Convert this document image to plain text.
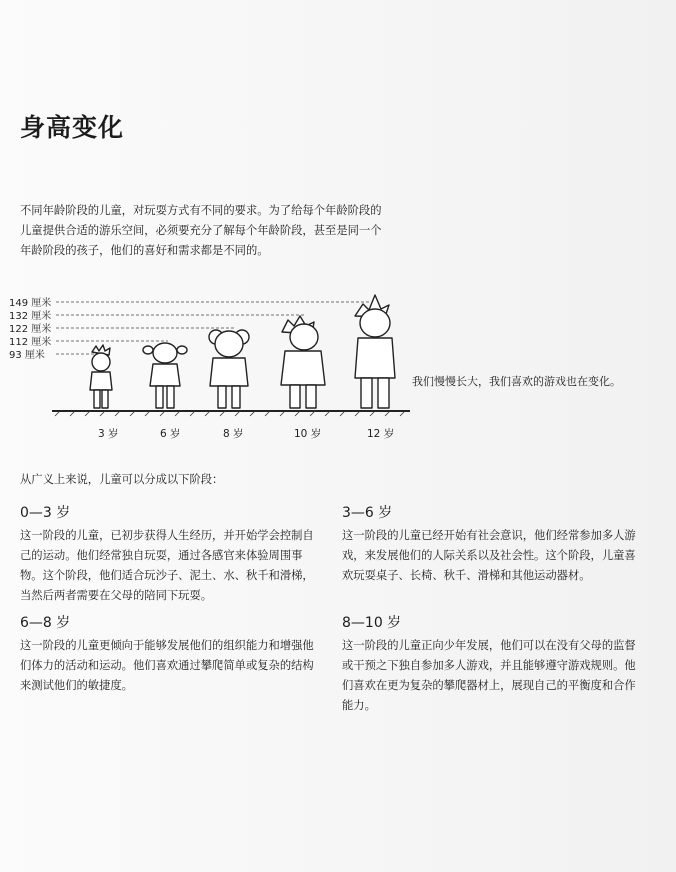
身高变化
不同年龄阶段的儿童，对玩耍方式有不同的要求。为了给每个年龄阶段的儿童提供合适的游乐空间，必须要充分了解每个年龄阶段，甚至是同一个年龄阶段的孩子，他们的喜好和需求都是不同的。
149 厘米
132 厘米
122 厘米
112 厘米
93 厘米
3 岁	6 岁	8 岁	10 岁	12 岁
我们慢慢长大，我们喜欢的游戏也在变化。
从广义上来说，儿童可以分成以下阶段：
0—3 岁

这一阶段的儿童，已初步获得人生经历，并开始学会控制自己的运动。他们经常独自玩耍，通过各感官来体验周围事物。这个阶段，他们适合玩沙子、泥土、水、秋千和滑梯，当然后两者需要在父母的陪同下玩耍。

3—6 岁

这一阶段的儿童已经开始有社会意识，他们经常参加多人游戏，来发展他们的人际关系以及社会性。这个阶段，儿童喜欢玩耍桌子、长椅、秋千、滑梯和其他运动器材。

6—8 岁

这一阶段的儿童更倾向于能够发展他们的组织能力和增强他们体力的活动和运动。他们喜欢通过攀爬简单或复杂的结构来测试他们的敏捷度。

8—10 岁

这一阶段的儿童正向少年发展，他们可以在没有父母的监督或干预之下独自参加多人游戏，并且能够遵守游戏规则。他们喜欢在更为复杂的攀爬器材上，展现自己的平衡度和合作能力。
